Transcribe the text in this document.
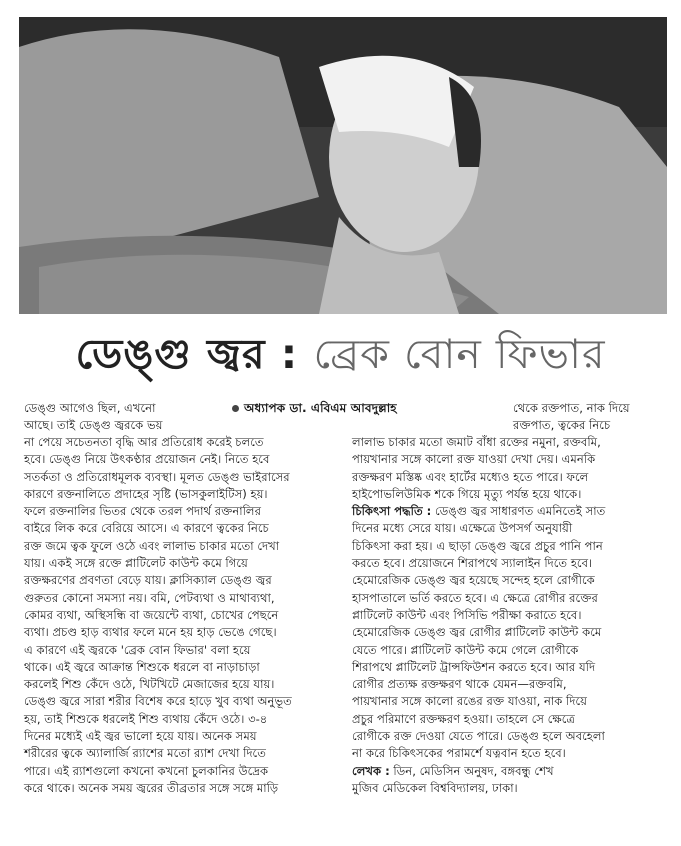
ডেঙ্গু জ্বর : ব্রেক বোন ফিভার
অধ্যাপক ডা. এবিএম আবদুল্লাহ

ডেঙ্গু আগেও ছিল, এখনো

আছে। তাই ডেঙ্গু জ্বরকে ভয়

না পেয়ে সচেতনতা বৃদ্ধি আর প্রতিরোধ করেই চলতে

হবে। ডেঙ্গু নিয়ে উৎকণ্ঠার প্রয়োজন নেই। নিতে হবে

সতর্কতা ও প্রতিরোধমূলক ব্যবস্থা। মূলত ডেঙ্গু ভাইরাসের

কারণে রক্তনালিতে প্রদাহের সৃষ্টি (ভাসকুলাইটিস) হয়।

ফলে রক্তনালির ভিতর থেকে তরল পদার্থ রক্তনালির

বাইরে লিক করে বেরিয়ে আসে। এ কারণে ত্বকের নিচে

রক্ত জমে ত্বক ফুলে ওঠে এবং লালাভ চাকার মতো দেখা

যায়। একই সঙ্গে রক্তে প্লাটিলেট কাউন্ট কমে গিয়ে

রক্তক্ষরণের প্রবণতা বেড়ে যায়। ক্লাসিক্যাল ডেঙ্গু জ্বর

গুরুতর কোনো সমস্যা নয়। বমি, পেটব্যথা ও মাথাব্যথা,

কোমর ব্যথা, অস্থিসন্ধি বা জয়েন্টে ব্যথা, চোখের পেছনে

ব্যথা। প্রচণ্ড হাড় ব্যথার ফলে মনে হয় হাড় ভেঙে গেছে।

এ কারণে এই জ্বরকে 'ব্রেক বোন ফিভার' বলা হয়ে

থাকে। এই জ্বরে আক্রান্ত শিশুকে ধরলে বা নাড়াচাড়া

করলেই শিশু কেঁদে ওঠে, খিটখিটে মেজাজের হয়ে যায়।

ডেঙ্গু জ্বরে সারা শরীর বিশেষ করে হাড়ে খুব ব্যথা অনুভূত

হয়, তাই শিশুকে ধরলেই শিশু ব্যথায় কেঁদে ওঠে। ৩-৪

দিনের মধ্যেই এই জ্বর ভালো হয়ে যায়। অনেক সময়

শরীরের ত্বকে অ্যালার্জি র‍্যাশের মতো র‍্যাশ দেখা দিতে

পারে। এই র‍্যাশগুলো কখনো কখনো চুলকানির উদ্রেক

করে থাকে। অনেক সময় জ্বরের তীব্রতার সঙ্গে সঙ্গে মাড়ি

থেকে রক্তপাত, নাক দিয়ে

রক্তপাত, ত্বকের নিচে

লালাভ চাকার মতো জমাট বাঁধা রক্তের নমুনা, রক্তবমি,

পায়খানার সঙ্গে কালো রক্ত যাওয়া দেখা দেয়। এমনকি

রক্তক্ষরণ মস্তিষ্ক এবং হার্টের মধ্যেও হতে পারে। ফলে

হাইপোভলিউমিক শকে গিয়ে মৃত্যু পর্যন্ত হয়ে থাকে।

চিকিৎসা পদ্ধতি : ডেঙ্গু জ্বর সাধারণত এমনিতেই সাত

দিনের মধ্যে সেরে যায়। এক্ষেত্রে উপসর্গ অনুযায়ী

চিকিৎসা করা হয়। এ ছাড়া ডেঙ্গু জ্বরে প্রচুর পানি পান

করতে হবে। প্রয়োজনে শিরাপথে স্যালাইন দিতে হবে।

হেমোরেজিক ডেঙ্গু জ্বর হয়েছে সন্দেহ হলে রোগীকে

হাসপাতালে ভর্তি করতে হবে। এ ক্ষেত্রে রোগীর রক্তের

প্লাটিলেট কাউন্ট এবং পিসিভি পরীক্ষা করাতে হবে।

হেমোরেজিক ডেঙ্গু জ্বর রোগীর প্লাটিলেট কাউন্ট কমে

যেতে পারে। প্লাটিলেট কাউন্ট কমে গেলে রোগীকে

শিরাপথে প্লাটিলেট ট্রান্সফিউশন করতে হবে। আর যদি

রোগীর প্রত্যক্ষ রক্তক্ষরণ থাকে যেমন—রক্তবমি,

পায়খানার সঙ্গে কালো রঙের রক্ত যাওয়া, নাক দিয়ে

প্রচুর পরিমাণে রক্তক্ষরণ হওয়া। তাহলে সে ক্ষেত্রে

রোগীকে রক্ত দেওয়া যেতে পারে। ডেঙ্গু হলে অবহেলা

না করে চিকিৎসকের পরামর্শে যত্নবান হতে হবে।

লেখক : ডিন, মেডিসিন অনুষদ, বঙ্গবন্ধু শেখ

মুজিব মেডিকেল বিশ্ববিদ্যালয়, ঢাকা।
